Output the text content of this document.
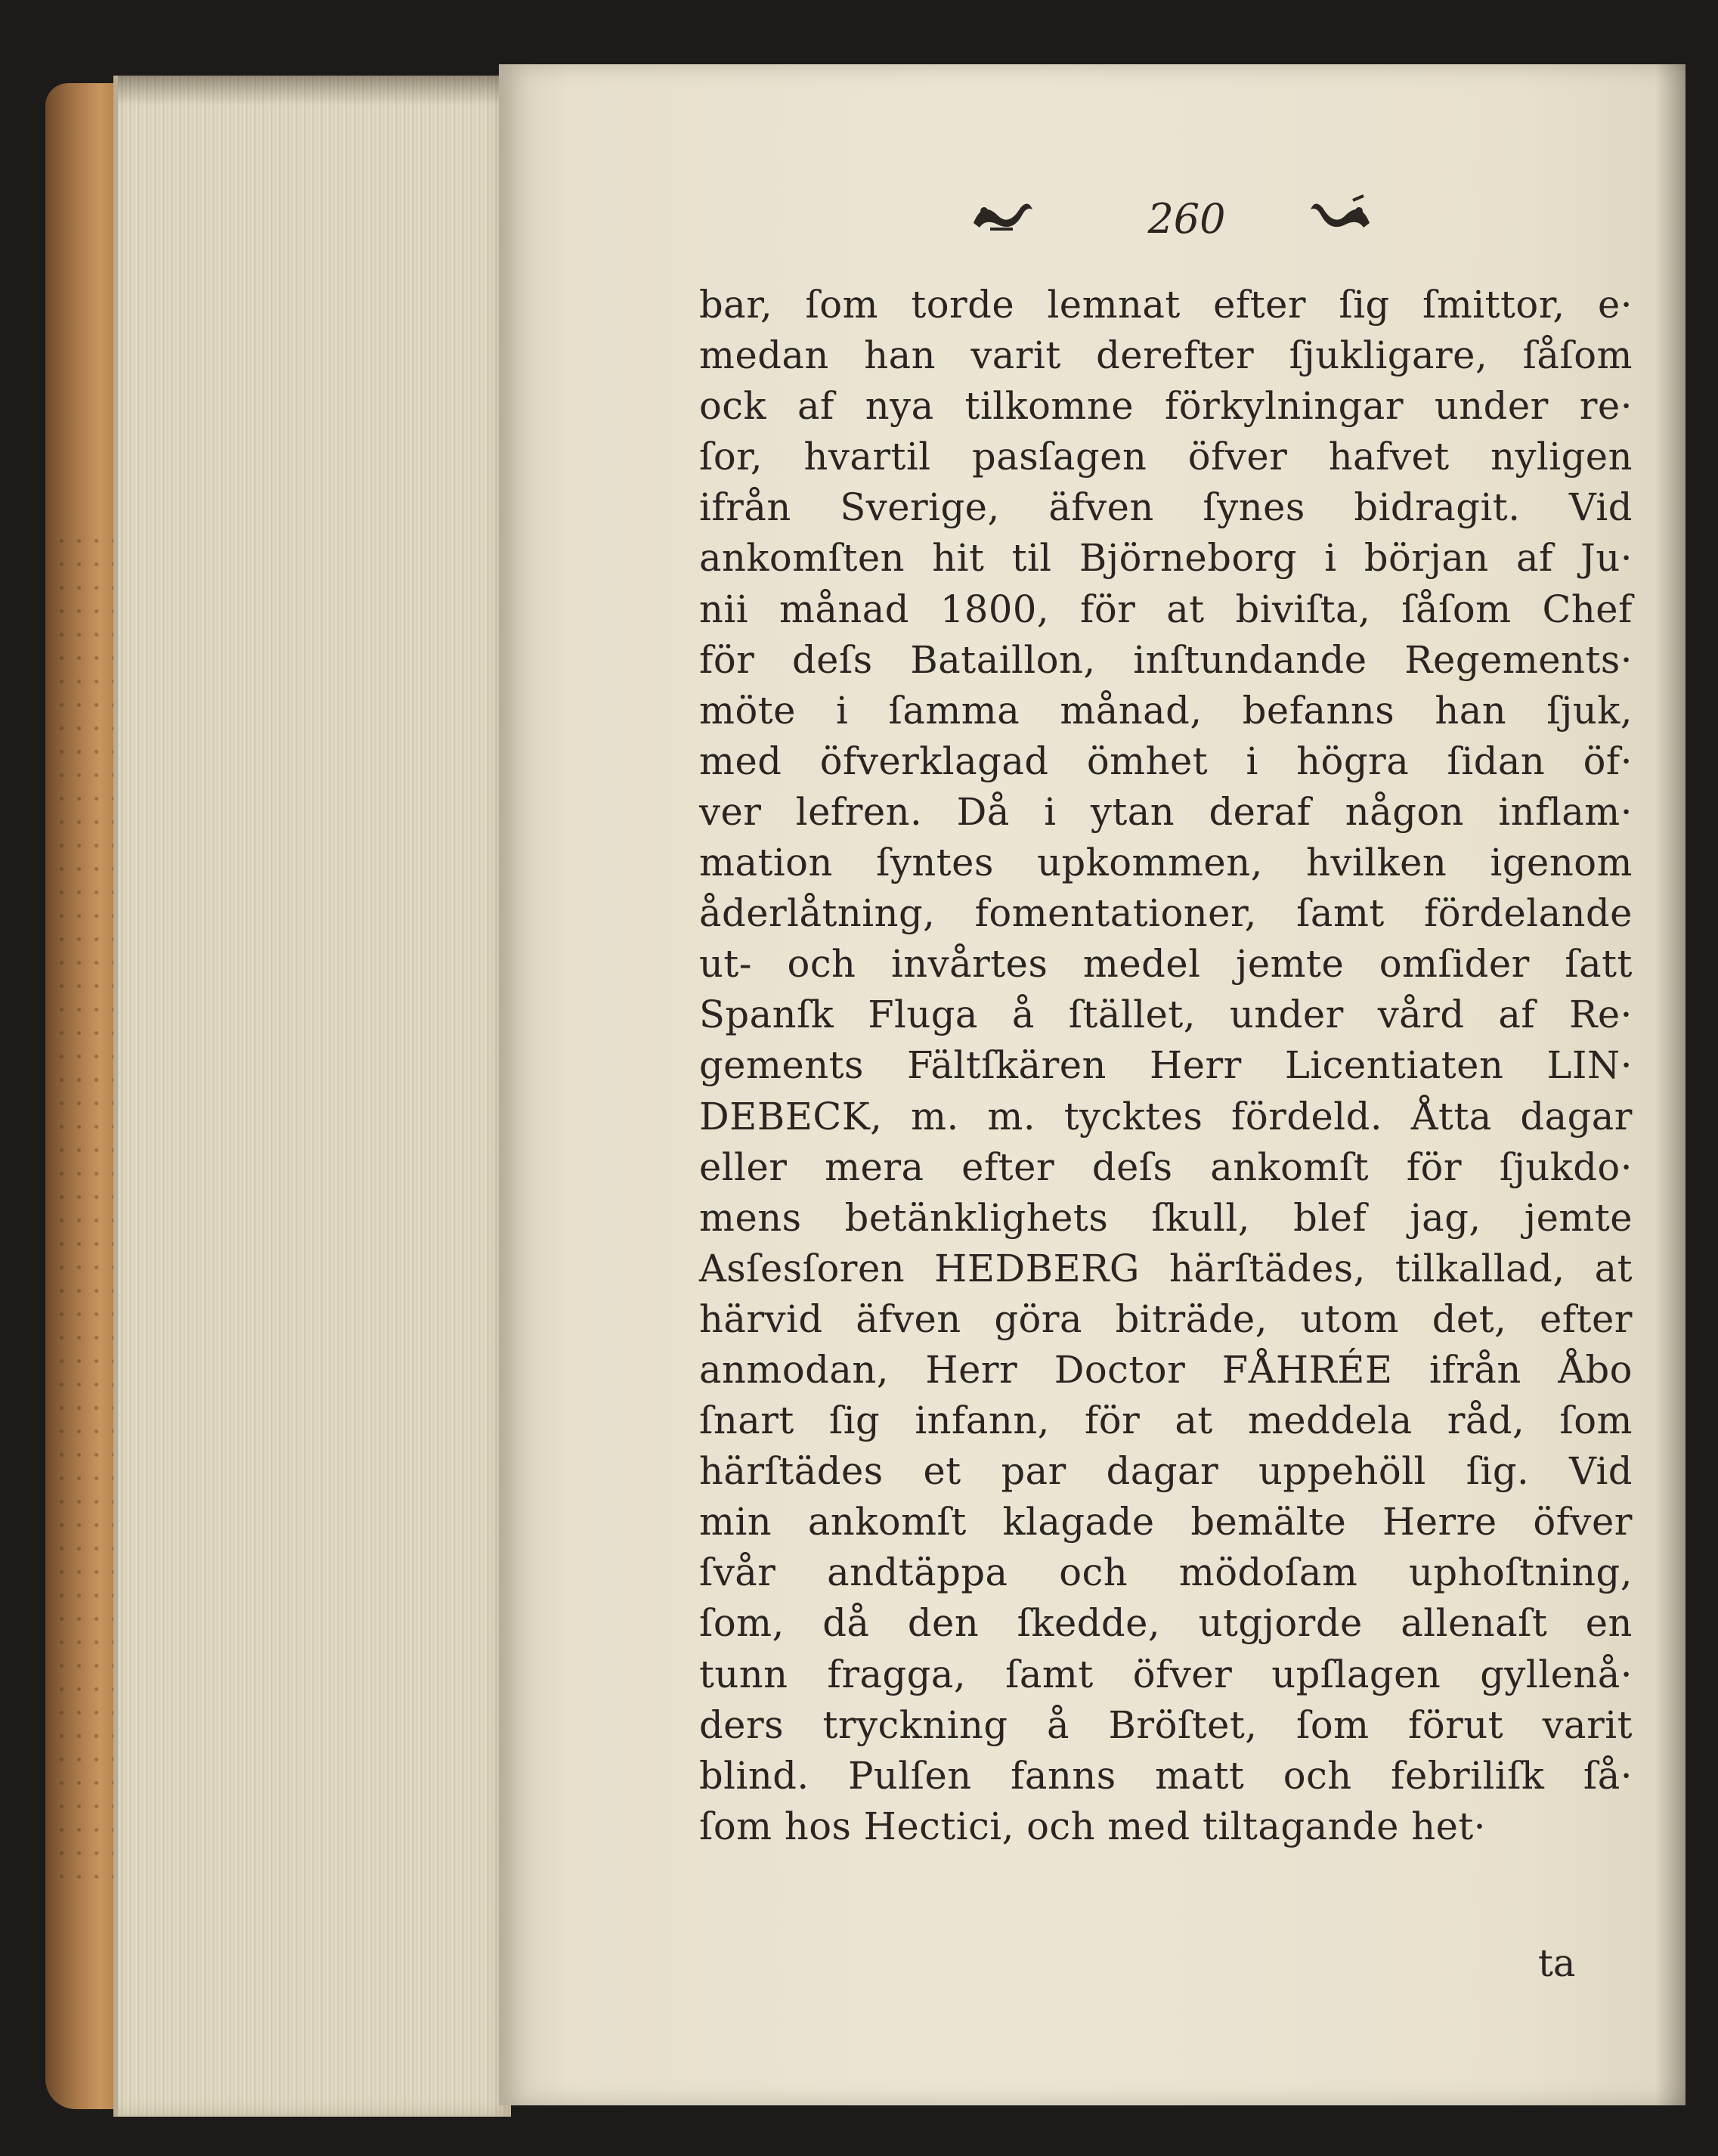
260
bar, ſom torde lemnat efter ſig ſmittor, e·
medan han varit derefter ſjukligare, ſåſom
ock af nya tilkomne förkylningar under re·
ſor, hvartil pasſagen öfver hafvet nyligen
ifrån Sverige, äfven ſynes bidragit. Vid
ankomſten hit til Björneborg i början af Ju·
nii månad 1800, för at biviſta, ſåſom Chef
för deſs Bataillon, inſtundande Regements·
möte i ſamma månad, befanns han ſjuk,
med öfverklagad ömhet i högra ſidan öf·
ver lefren. Då i ytan deraf någon inflam·
mation ſyntes upkommen, hvilken igenom
åderlåtning, fomentationer, ſamt fördelande
ut- och invårtes medel jemte omſider ſatt
Spanſk Fluga å ſtället, under vård af Re·
gements Fältſkären Herr Licentiaten LIN·
DEBECK, m. m. tycktes fördeld. Åtta dagar
eller mera efter deſs ankomſt för ſjukdo·
mens betänklighets ſkull, blef jag, jemte
Asſesſoren HEDBERG härſtädes, tilkallad, at
härvid äfven göra biträde, utom det, efter
anmodan, Herr Doctor FÅHRÉE ifrån Åbo
ſnart ſig infann, för at meddela råd, ſom
härſtädes et par dagar uppehöll ſig. Vid
min ankomſt klagade bemälte Herre öfver
ſvår andtäppa och mödoſam uphoſtning,
ſom, då den ſkedde, utgjorde allenaſt en
tunn fragga, ſamt öfver upſlagen gyllenå·
ders tryckning å Bröſtet, ſom förut varit
blind. Pulſen fanns matt och febriliſk ſå·
ſom
hos
Hectici,
och
med
tiltagande
het·

ta
